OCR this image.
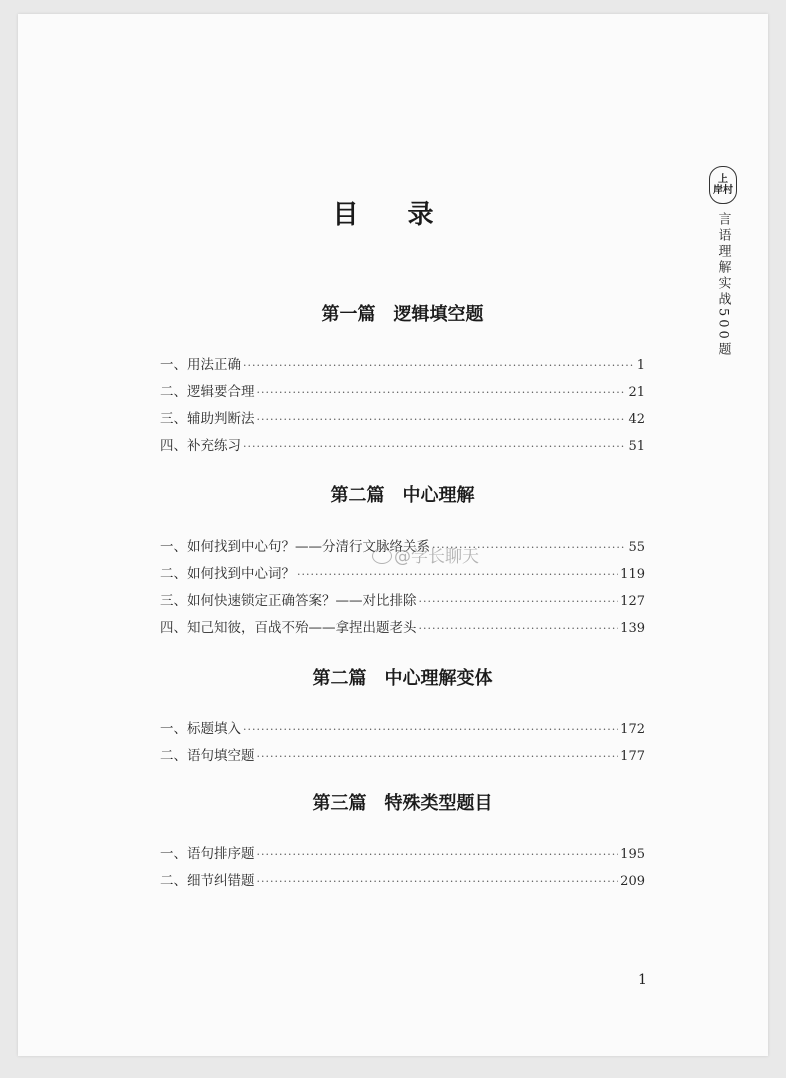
目 录
第一篇　逻辑填空题
一、用法正确 ·····	1
二、逻辑要合理 ·····	21
三、辅助判断法 ·····	42
四、补充练习 ·····	51
第二篇　中心理解
一、如何找到中心句？——分清行文脉络关系 ·····	55
二、如何找到中心词？ ·····	119
三、如何快速锁定正确答案？——对比排除 ·····	127
四、知己知彼，百战不殆——拿捏出题老头 ·····	139
第二篇　中心理解变体
一、标题填入 ·····	172
二、语句填空题 ·····	177
第三篇　特殊类型题目
一、语句排序题 ·····	195
二、细节纠错题 ·····	209
上
岸村
言语理解实战500题
@学长聊天
1
